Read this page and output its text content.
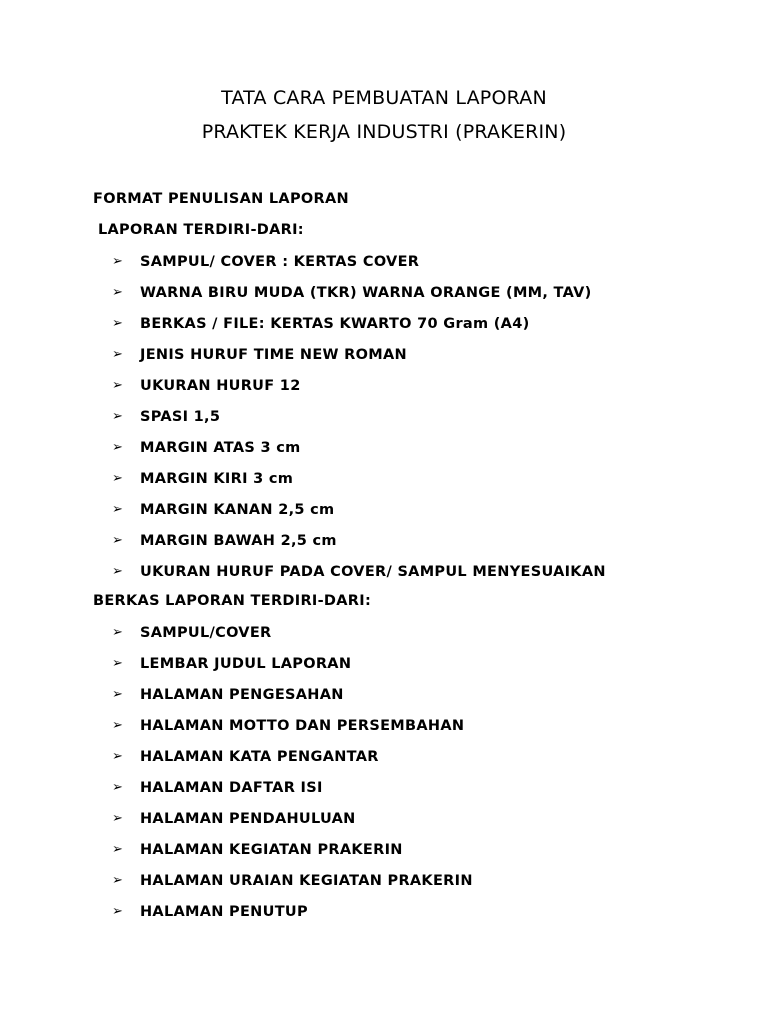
TATA CARA PEMBUATAN LAPORAN
PRAKTEK KERJA INDUSTRI (PRAKERIN)
FORMAT PENULISAN LAPORAN
LAPORAN TERDIRI-DARI:
➢	SAMPUL/ COVER : KERTAS COVER
➢	WARNA BIRU MUDA (TKR) WARNA ORANGE (MM, TAV)
➢	BERKAS / FILE: KERTAS KWARTO 70 Gram (A4)
➢	JENIS HURUF TIME NEW ROMAN
➢	UKURAN HURUF 12
➢	SPASI 1,5
➢	MARGIN ATAS 3 cm
➢	MARGIN KIRI 3 cm
➢	MARGIN KANAN 2,5 cm
➢	MARGIN BAWAH 2,5 cm
➢	UKURAN HURUF PADA COVER/ SAMPUL MENYESUAIKAN
BERKAS LAPORAN TERDIRI-DARI:
➢	SAMPUL/COVER
➢	LEMBAR JUDUL LAPORAN
➢	HALAMAN PENGESAHAN
➢	HALAMAN MOTTO DAN PERSEMBAHAN
➢	HALAMAN KATA PENGANTAR
➢	HALAMAN DAFTAR ISI
➢	HALAMAN PENDAHULUAN
➢	HALAMAN KEGIATAN PRAKERIN
➢	HALAMAN URAIAN KEGIATAN PRAKERIN
➢	HALAMAN PENUTUP
